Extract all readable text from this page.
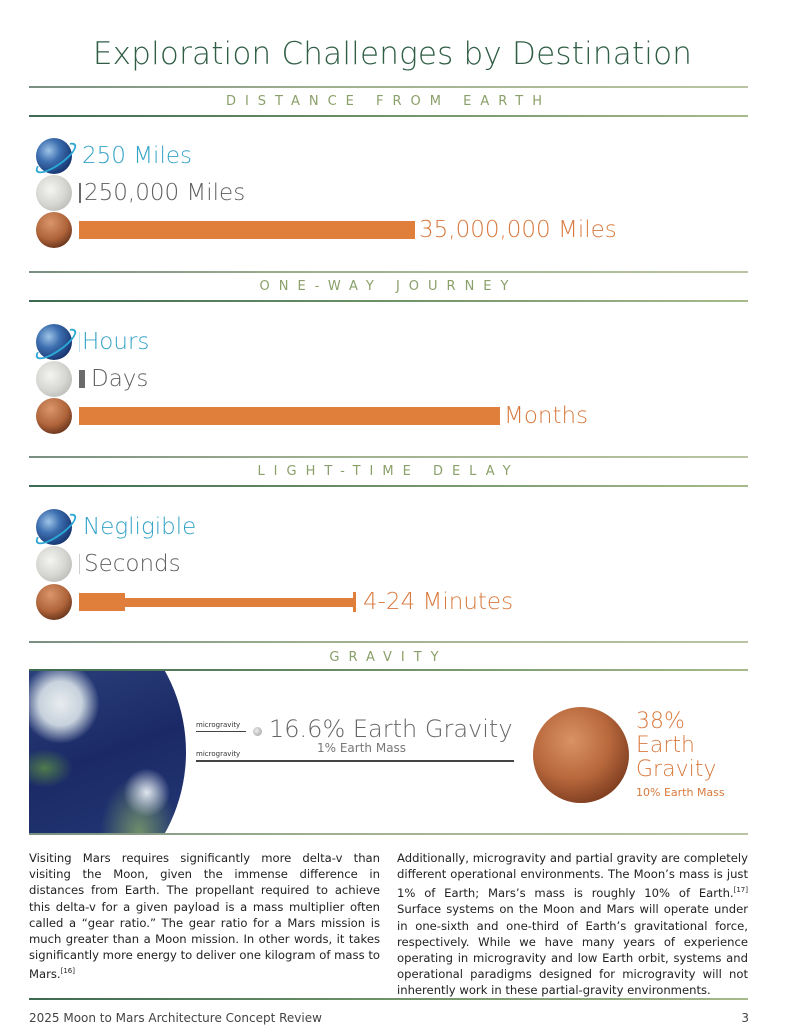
Exploration Challenges by Destination
DISTANCE FROM EARTH
250 Miles
250,000 Miles
35,000,000 Miles
ONE-WAY JOURNEY
Hours
Days
Months
LIGHT-TIME DELAY
Negligible
Seconds
4-24 Minutes
GRAVITY
microgravity
microgravity
16.6% Earth Gravity
1% Earth Mass
38% Earth Gravity
10% Earth Mass
Visiting Mars requires significantly more delta-v than visiting the Moon, given the immense difference in distances from Earth. The propellant required to achieve this delta-v for a given payload is a mass multiplier often called a “gear ratio.” The gear ratio for a Mars mission is much greater than a Moon mission. In other words, it takes significantly more energy to deliver one kilogram of mass to Mars.[16]
Additionally, microgravity and partial gravity are completely different operational environments. The Moon’s mass is just 1% of Earth; Mars’s mass is roughly 10% of Earth.[17] Surface systems on the Moon and Mars will operate under in one-sixth and one-third of Earth’s gravitational force, respectively. While we have many years of experience operating in microgravity and low Earth orbit, systems and operational paradigms designed for microgravity will not inherently work in these partial-gravity environments.
2025 Moon to Mars Architecture Concept Review	3
